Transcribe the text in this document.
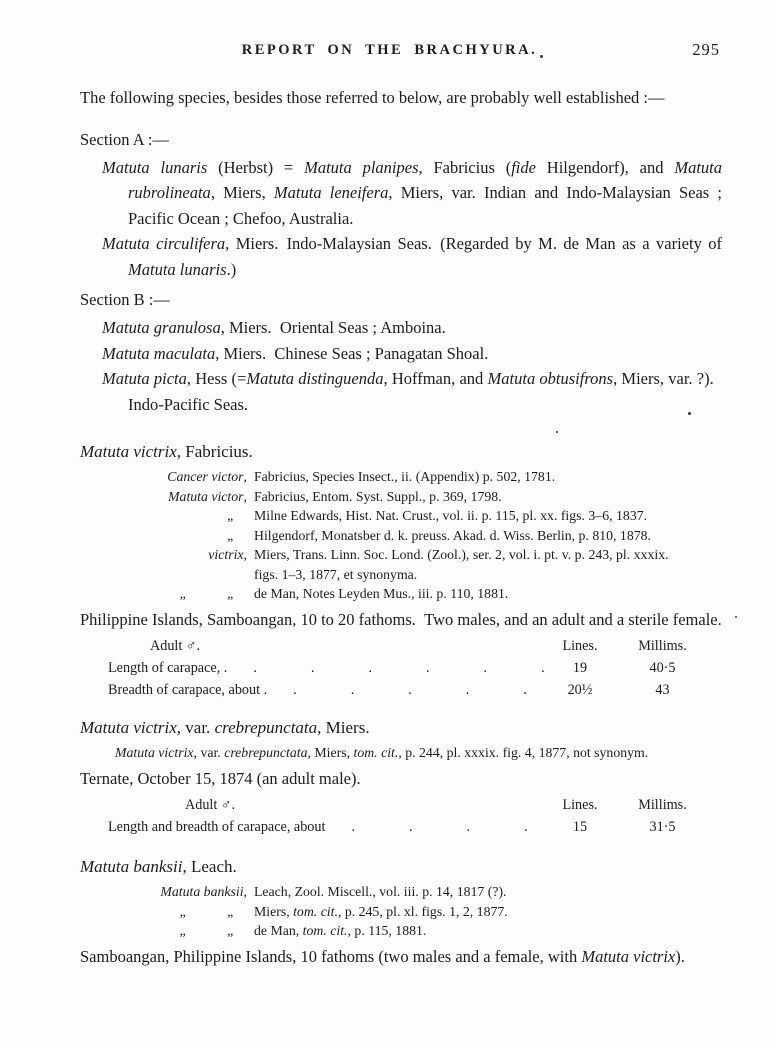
REPORT ON THE BRACHYURA.	295

The following species, besides those referred to below, are probably well established :—

Section A :—

Matuta lunaris (Herbst) = Matuta planipes, Fabricius (fide Hilgendorf), and Matuta rubrolineata, Miers, Matuta leneifera, Miers, var. Indian and Indo-Malaysian Seas ; Pacific Ocean ; Chefoo, Australia.

Matuta circulifera, Miers. Indo-Malaysian Seas. (Regarded by M. de Man as a variety of Matuta lunaris.)

Section B :—

Matuta granulosa, Miers. Oriental Seas ; Amboina.

Matuta maculata, Miers. Chinese Seas ; Panagatan Shoal.

Matuta picta, Hess (=Matuta distinguenda, Hoffman, and Matuta obtusifrons, Miers, var. ?). Indo-Pacific Seas.

Matuta victrix, Fabricius.

Cancer victor, Fabricius, Species Insect., ii. (Appendix) p. 502, 1781.
Matuta victor, Fabricius, Entom. Syst. Suppl., p. 369, 1798.
„  Milne Edwards, Hist. Nat. Crust., vol. ii. p. 115, pl. xx. figs. 3–6, 1837.
„  Hilgendorf, Monatsber d. k. preuss. Akad. d. Wiss. Berlin, p. 810, 1878.
victrix, Miers, Trans. Linn. Soc. Lond. (Zool.), ser. 2, vol. i. pt. v. p. 243, pl. xxxix.
figs. 1–3, 1877, et synonyma.
„   „  de Man, Notes Leyden Mus., iii. p. 110, 1881.

Philippine Islands, Samboangan, 10 to 20 fathoms. Two males, and an adult and a sterile female.

Adult ♂.	Lines.	Millims.
Length of carapace, . .....	19	40·5
Breadth of carapace, about . .....	20½	43

Matuta victrix, var. crebrepunctata, Miers.

Matuta victrix, var. crebrepunctata, Miers, tom. cit., p. 244, pl. xxxix. fig. 4, 1877, not synonym.

Ternate, October 15, 1874 (an adult male).

Adult ♂.	Lines.	Millims.
Length and breadth of carapace, about .....	15	31·5

Matuta banksii, Leach.

Matuta banksii, Leach, Zool. Miscell., vol. iii. p. 14, 1817 (?).
„   „  Miers, tom. cit., p. 245, pl. xl. figs. 1, 2, 1877.
„   „  de Man, tom. cit., p. 115, 1881.

Samboangan, Philippine Islands, 10 fathoms (two males and a female, with Matuta victrix).
